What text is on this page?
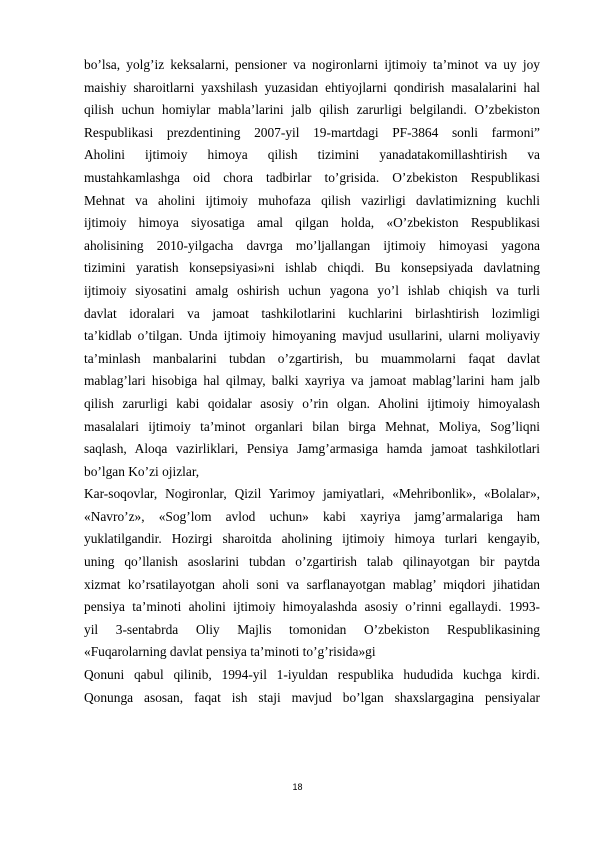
bo’lsa, yolg’iz keksalarni, pensioner va nogironlarni ijtimoiy ta’minot va uy joy
maishiy sharoitlarni yaxshilash yuzasidan ehtiyojlarni qondirish masalalarini hal
qilish uchun homiylar mabla’larini jalb qilish zarurligi belgilandi. O’zbekiston
Respublikasi prezdentining 2007-yil 19-martdagi PF-3864 sonli farmoni”
Aholini ijtimoiy himoya qilish tizimini yanadatakomillashtirish va
mustahkamlashga oid chora tadbirlar to’grisida. O’zbekiston Respublikasi
Mehnat va aholini ijtimoiy muhofaza qilish vazirligi davlatimizning kuchli
ijtimoiy himoya siyosatiga amal qilgan holda, «O’zbekiston Respublikasi
aholisining 2010-yilgacha davrga mo’ljallangan ijtimoiy himoyasi yagona
tizimini yaratish konsepsiyasi»ni ishlab chiqdi. Bu konsepsiyada davlatning
ijtimoiy siyosatini amalg oshirish uchun yagona yo’l ishlab chiqish va turli
davlat idoralari va jamoat tashkilotlarini kuchlarini birlashtirish lozimligi
ta’kidlab o’tilgan. Unda ijtimoiy himoyaning mavjud usullarini, ularni moliyaviy
ta’minlash manbalarini tubdan o’zgartirish, bu muammolarni faqat davlat
mablag’lari hisobiga hal qilmay, balki xayriya va jamoat mablag’larini ham jalb
qilish zarurligi kabi qoidalar asosiy o’rin olgan. Aholini ijtimoiy himoyalash
masalalari ijtimoiy ta’minot organlari bilan birga Mehnat, Moliya, Sog’liqni
saqlash, Aloqa vazirliklari, Pensiya Jamg’armasiga hamda jamoat tashkilotlari
bo’lgan Ko’zi ojizlar,
Kar-soqovlar, Nogironlar, Qizil Yarimoy jamiyatlari, «Mehribonlik», «Bolalar»,
«Navro’z», «Sog’lom avlod uchun» kabi xayriya jamg’armalariga ham
yuklatilgandir. Hozirgi sharoitda aholining ijtimoiy himoya turlari kengayib,
uning qo’llanish asoslarini tubdan o’zgartirish talab qilinayotgan bir paytda
xizmat ko’rsatilayotgan aholi soni va sarflanayotgan mablag’ miqdori jihatidan
pensiya ta’minoti aholini ijtimoiy himoyalashda asosiy o’rinni egallaydi. 1993-
yil 3-sentabrda Oliy Majlis tomonidan O’zbekiston Respublikasining
«Fuqarolarning davlat pensiya ta’minoti to’g’risida»gi
Qonuni qabul qilinib, 1994-yil 1-iyuldan respublika hududida kuchga kirdi.
Qonunga asosan, faqat ish staji mavjud bo’lgan shaxslargagina pensiyalar
18
